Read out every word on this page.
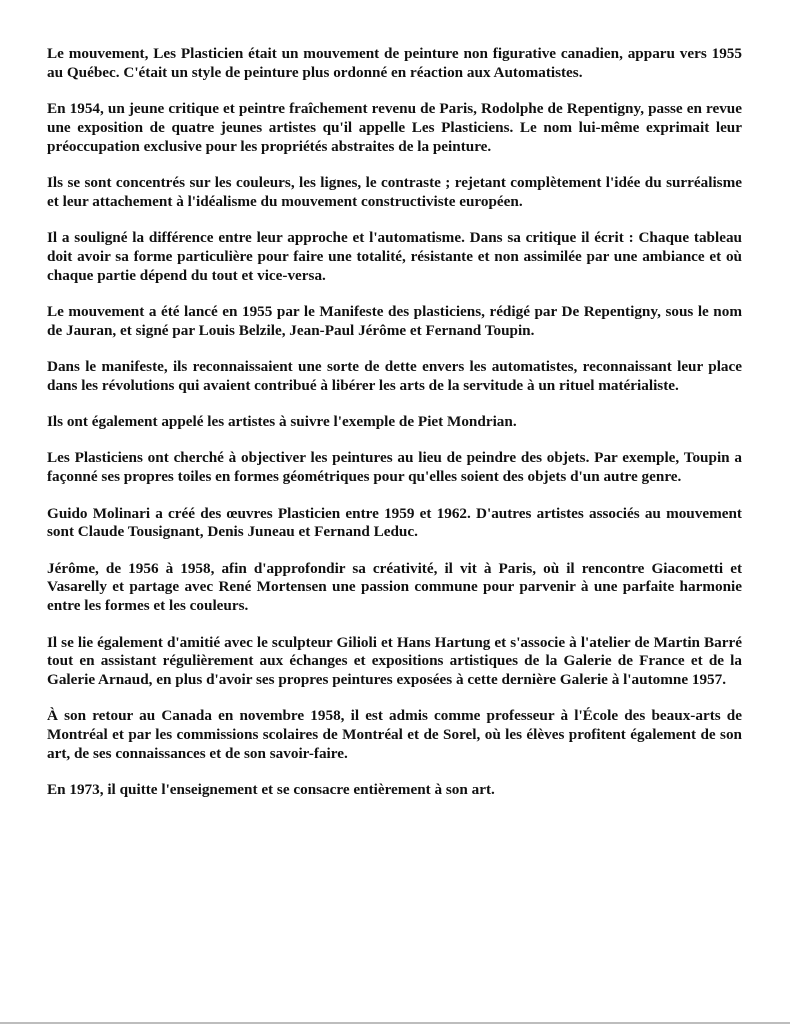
Le mouvement, Les Plasticien était un mouvement de peinture non figurative canadien, apparu vers 1955 au Québec. C'était un style de peinture plus ordonné en réaction aux Automatistes.

En 1954, un jeune critique et peintre fraîchement revenu de Paris, Rodolphe de Repentigny, passe en revue une exposition de quatre jeunes artistes qu'il appelle Les Plasticiens. Le nom lui-même exprimait leur préoccupation exclusive pour les propriétés abstraites de la peinture.

Ils se sont concentrés sur les couleurs, les lignes, le contraste ; rejetant complètement l'idée du surréalisme et leur attachement à l'idéalisme du mouvement constructiviste européen.

Il a souligné la différence entre leur approche et l'automatisme. Dans sa critique il écrit : Chaque tableau doit avoir sa forme particulière pour faire une totalité, résistante et non assimilée par une ambiance et où chaque partie dépend du tout et vice-versa.

Le mouvement a été lancé en 1955 par le Manifeste des plasticiens, rédigé par De Repentigny, sous le nom de Jauran, et signé par Louis Belzile, Jean-Paul Jérôme et Fernand Toupin.

Dans le manifeste, ils reconnaissaient une sorte de dette envers les automatistes, reconnaissant leur place dans les révolutions qui avaient contribué à libérer les arts de la servitude à un rituel matérialiste.

Ils ont également appelé les artistes à suivre l'exemple de Piet Mondrian.

Les Plasticiens ont cherché à objectiver les peintures au lieu de peindre des objets. Par exemple, Toupin a façonné ses propres toiles en formes géométriques pour qu'elles soient des objets d'un autre genre.

Guido Molinari a créé des œuvres Plasticien entre 1959 et 1962. D'autres artistes associés au mouvement sont Claude Tousignant, Denis Juneau et Fernand Leduc.

Jérôme, de 1956 à 1958, afin d'approfondir sa créativité, il vit à Paris, où il rencontre Giacometti et Vasarelly et partage avec René Mortensen une passion commune pour parvenir à une parfaite harmonie entre les formes et les couleurs.

Il se lie également d'amitié avec le sculpteur Gilioli et Hans Hartung et s'associe à l'atelier de Martin Barré tout en assistant régulièrement aux échanges et expositions artistiques de la Galerie de France et de la Galerie Arnaud, en plus d'avoir ses propres peintures exposées à cette dernière Galerie à l'automne 1957.

À son retour au Canada en novembre 1958, il est admis comme professeur à l'École des beaux-arts de Montréal et par les commissions scolaires de Montréal et de Sorel, où les élèves profitent également de son art, de ses connaissances et de son savoir-faire.

En 1973, il quitte l'enseignement et se consacre entièrement à son art.
